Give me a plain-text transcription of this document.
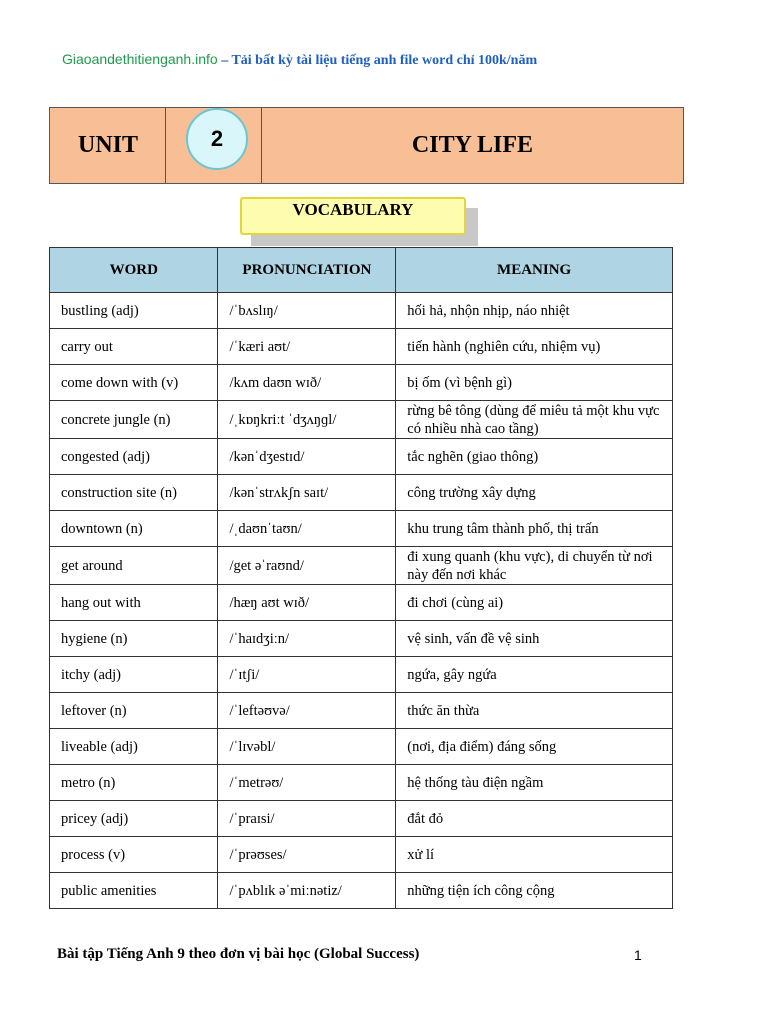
Giaoandethitienganh.info – Tải bất kỳ tài liệu tiếng anh file word chỉ 100k/năm
UNIT	2	CITY LIFE
VOCABULARY
WORD	PRONUNCIATION	MEANING
bustling (adj)	/ˈbʌslɪŋ/	hối hả, nhộn nhịp, náo nhiệt
carry out	/ˈkæri aʊt/	tiến hành (nghiên cứu, nhiệm vụ)
come down with (v)	/kʌm daʊn wɪð/	bị ốm (vì bệnh gì)
concrete jungle (n)	/ˌkɒŋkriːt ˈdʒʌŋɡl/	rừng bê tông (dùng để miêu tả một khu vực có nhiều nhà cao tầng)
congested (adj)	/kənˈdʒestɪd/	tắc nghẽn (giao thông)
construction site (n)	/kənˈstrʌkʃn saɪt/	công trường xây dựng
downtown (n)	/ˌdaʊnˈtaʊn/	khu trung tâm thành phố, thị trấn
get around	/get əˈraʊnd/	đi xung quanh (khu vực), di chuyển từ nơi này đến nơi khác
hang out with	/hæŋ aʊt wɪð/	đi chơi (cùng ai)
hygiene (n)	/ˈhaɪdʒiːn/	vệ sinh, vấn đề vệ sinh
itchy (adj)	/ˈɪtʃi/	ngứa, gây ngứa
leftover (n)	/ˈleftəʊvə/	thức ăn thừa
liveable (adj)	/ˈlɪvəbl/	(nơi, địa điểm) đáng sống
metro (n)	/ˈmetrəʊ/	hệ thống tàu điện ngầm
pricey (adj)	/ˈpraɪsi/	đắt đỏ
process (v)	/ˈprəʊses/	xử lí
public amenities	/ˈpʌblɪk əˈmiːnətiz/	những tiện ích công cộng
Bài tập Tiếng Anh 9 theo đơn vị bài học (Global Success)	1
